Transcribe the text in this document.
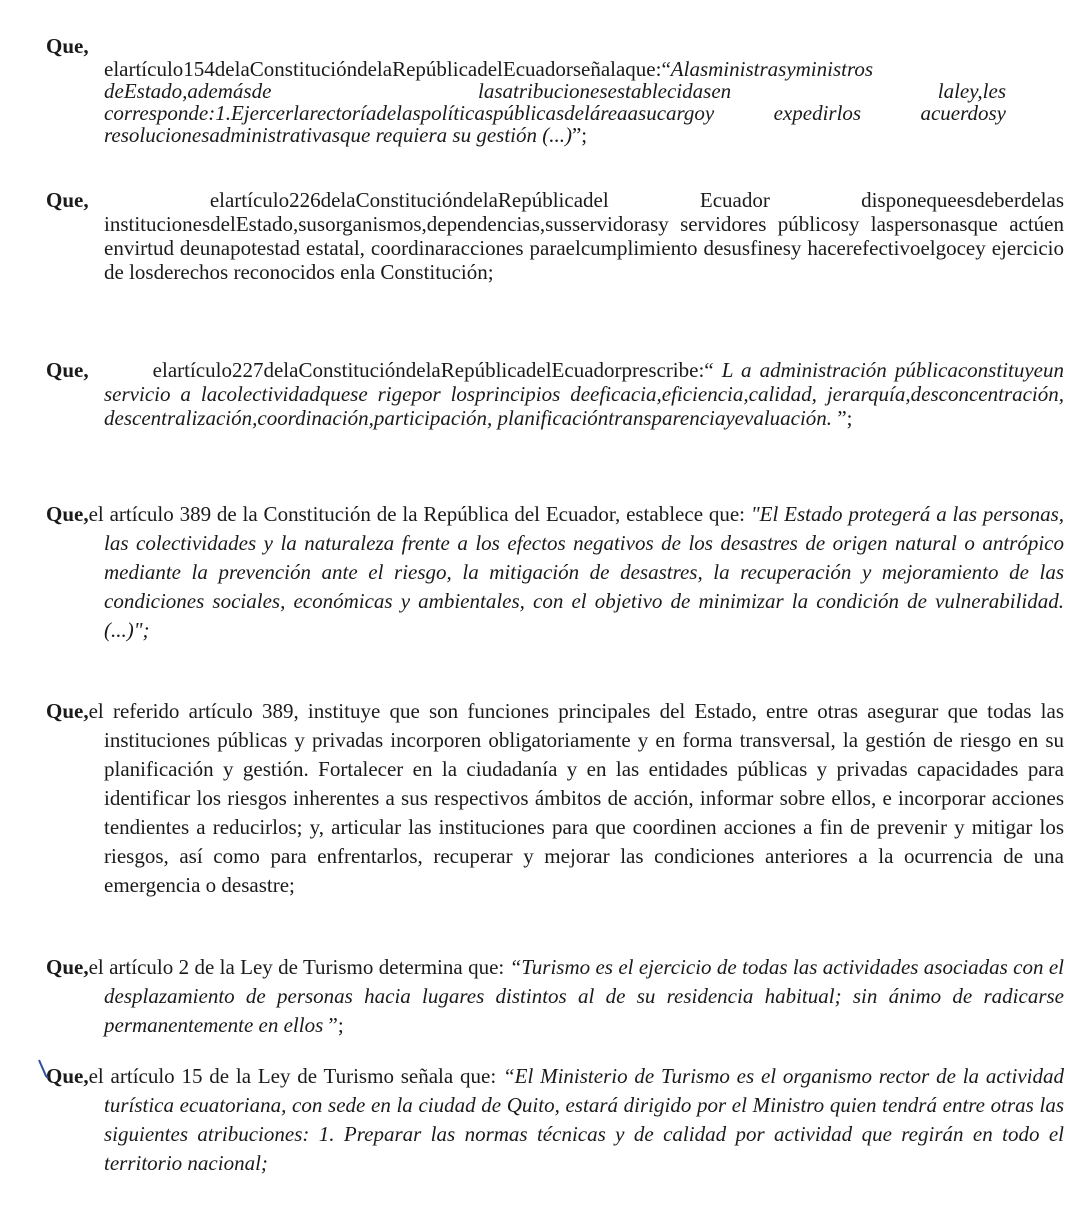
Que,
elartículo154delaConstitucióndelaRepúblicadelEcuadorseñalaque:“Alasministrasyministros deEstado,ademásde lasatribucionesestablecidasen laley,les corresponde:1.Ejercerlarectoríadelaspolíticaspúblicasdeláreaasucargoy expedirlos acuerdosy resolucionesadministrativasque requiera su gestión (...)”;
Que,	elartículo226delaConstitucióndelaRepúblicadel Ecuador disponequeesdeberdelas institucionesdelEstado,susorganismos,dependencias,susservidorasy servidores públicosy laspersonasque actúen envirtud deunapotestad estatal, coordinaracciones paraelcumplimiento desusfinesy hacerefectivoelgocey ejercicio de losderechos reconocidos enla Constitución;
Que,	elartículo227delaConstitucióndelaRepúblicadelEcuadorprescribe:“ L a administración públicaconstituyeun servicio a lacolectividadquese rigepor losprincipios deeficacia,eficiencia,calidad, jerarquía,desconcentración, descentralización,coordinación,participación, planificacióntransparenciayevaluación. ”;
Que,el artículo 389 de la Constitución de la República del Ecuador, establece que: "El Estado protegerá a las personas, las colectividades y la naturaleza frente a los efectos negativos de los desastres de origen natural o antrópico mediante la prevención ante el riesgo, la mitigación de desastres, la recuperación y mejoramiento de las condiciones sociales, económicas y ambientales, con el objetivo de minimizar la condición de vulnerabilidad. (...)";
Que,el referido artículo 389, instituye que son funciones principales del Estado, entre otras asegurar que todas las instituciones públicas y privadas incorporen obligatoriamente y en forma transversal, la gestión de riesgo en su planificación y gestión. Fortalecer en la ciudadanía y en las entidades públicas y privadas capacidades para identificar los riesgos inherentes a sus respectivos ámbitos de acción, informar sobre ellos, e incorporar acciones tendientes a reducirlos; y, articular las instituciones para que coordinen acciones a fin de prevenir y mitigar los riesgos, así como para enfrentarlos, recuperar y mejorar las condiciones anteriores a la ocurrencia de una emergencia o desastre;
Que,el artículo 2 de la Ley de Turismo determina que: “Turismo es el ejercicio de todas las actividades asociadas con el desplazamiento de personas hacia lugares distintos al de su residencia habitual; sin ánimo de radicarse permanentemente en ellos ”;
Que,el artículo 15 de la Ley de Turismo señala que: “El Ministerio de Turismo es el organismo rector de la actividad turística ecuatoriana, con sede en la ciudad de Quito, estará dirigido por el Ministro quien tendrá entre otras las siguientes atribuciones: 1. Preparar las normas técnicas y de calidad por actividad que regirán en todo el territorio nacional;
